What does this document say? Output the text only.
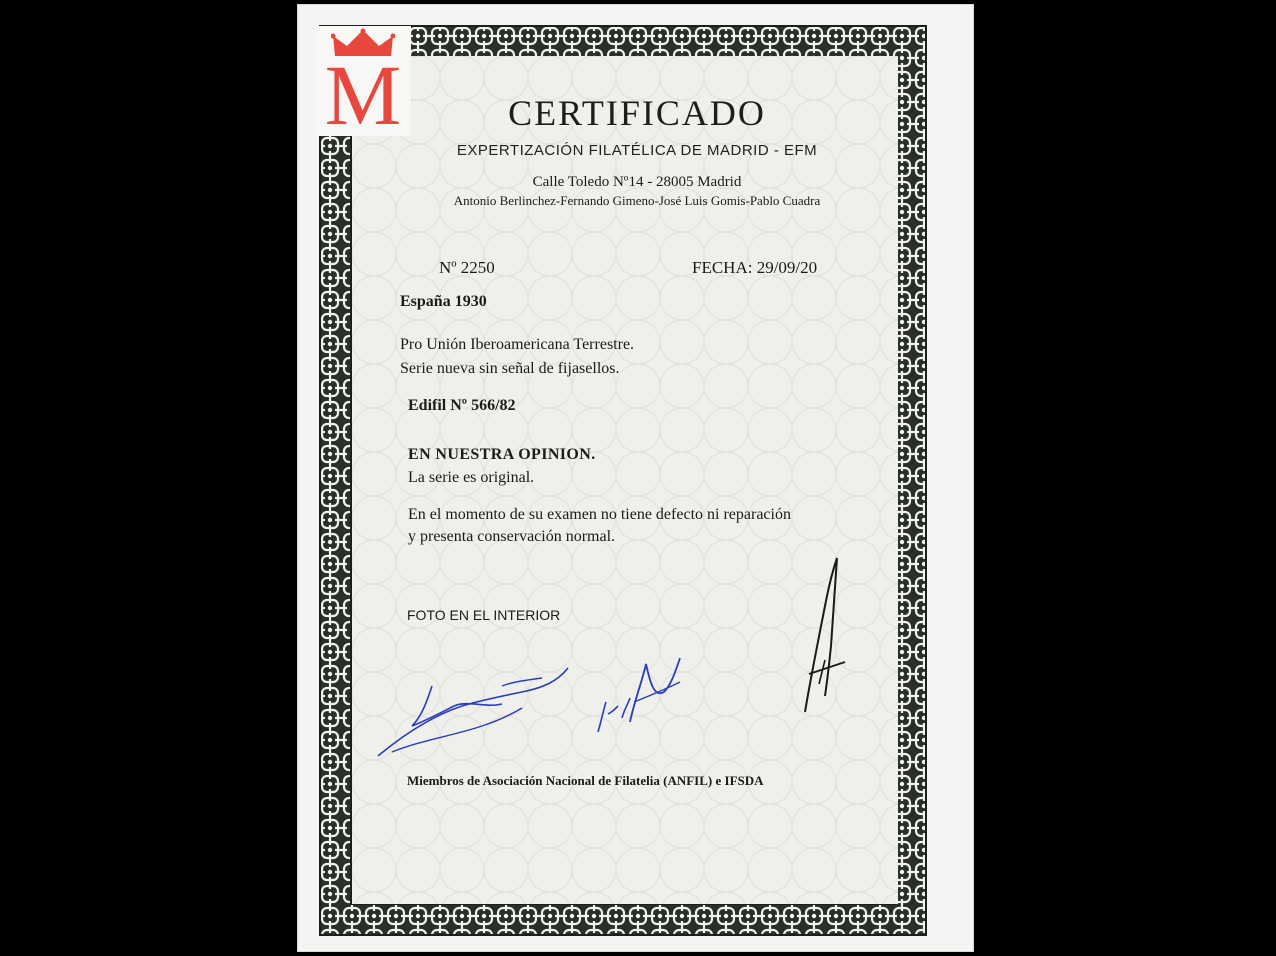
M	CERTIFICADO
EXPERTIZACIÓN FILATÉLICA DE MADRID - EFM
Calle Toledo Nº14 - 28005 Madrid
Antonio Berlinchez-Fernando Gimeno-José Luis Gomis-Pablo Cuadra
Nº 2250	FECHA: 29/09/20
España 1930
Pro Unión Iberoamericana Terrestre.
Serie nueva sin señal de fijasellos.
Edifil Nº 566/82
EN NUESTRA OPINION.
La serie es original.
En el momento de su examen no tiene defecto ni reparación
y presenta conservación normal.
FOTO EN EL INTERIOR
Miembros de Asociación Nacional de Filatelia (ANFIL) e IFSDA
